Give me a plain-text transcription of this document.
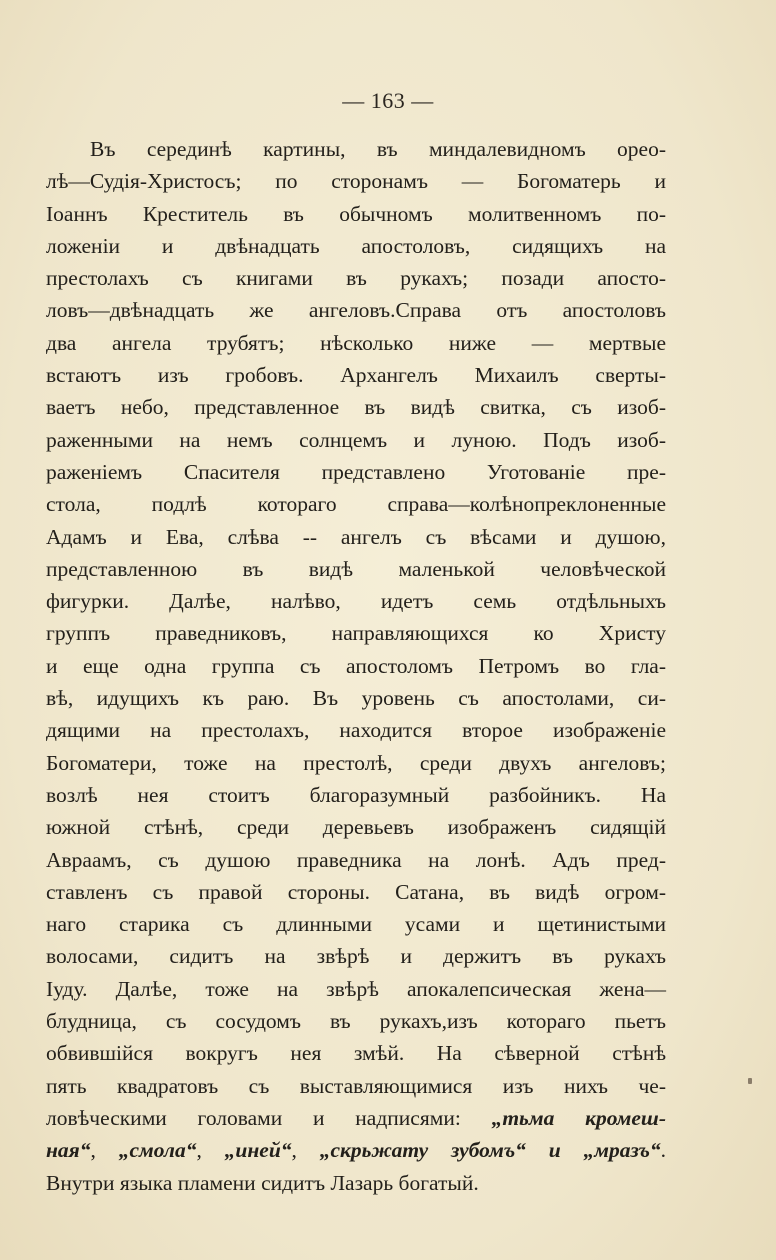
— 163 —
Въ серединѣ картины, въ миндалевидномъ орео-
лѣ—Судія-Христосъ; по сторонамъ — Богоматерь и
Іоаннъ Креститель въ обычномъ молитвенномъ по-
ложеніи и двѣнадцать апостоловъ, сидящихъ на
престолахъ съ книгами въ рукахъ; позади апосто-
ловъ—двѣнадцать же ангеловъ.Справа отъ апостоловъ
два ангела трубятъ; нѣсколько ниже — мертвые
встаютъ изъ гробовъ. Архангелъ Михаилъ сверты-
ваетъ небо, представленное въ видѣ свитка, съ изоб-
раженными на немъ солнцемъ и луною. Подъ изоб-
раженіемъ Спасителя представлено Уготованіе пре-
стола, подлѣ котораго справа—колѣнопреклоненные
Адамъ и Ева, слѣва -- ангелъ съ вѣсами и душою,
представленною въ видѣ маленькой человѣческой
фигурки. Далѣе, налѣво, идетъ семь отдѣльныхъ
группъ праведниковъ, направляющихся ко Христу
и еще одна группа съ апостоломъ Петромъ во гла-
вѣ, идущихъ къ раю. Въ уровень съ апостолами, си-
дящими на престолахъ, находится второе изображеніе
Богоматери, тоже на престолѣ, среди двухъ ангеловъ;
возлѣ нея стоитъ благоразумный разбойникъ. На
южной стѣнѣ, среди деревьевъ изображенъ сидящій
Авраамъ, съ душою праведника на лонѣ. Адъ пред-
ставленъ съ правой стороны. Сатана, въ видѣ огром-
наго старика съ длинными усами и щетинистыми
волосами, сидитъ на звѣрѣ и держитъ въ рукахъ
Іуду. Далѣе, тоже на звѣрѣ апокалепсическая жена—
блудница, съ сосудомъ въ рукахъ,изъ котораго пьетъ
обвившійся вокругъ нея змѣй. На сѣверной стѣнѣ
пять квадратовъ съ выставляющимися изъ нихъ че-
ловѣческими головами и надписями: „тьма кромеш-
ная“, „смола“, „иней“, „скрьжату зубомъ“ и „мразъ“.
Внутри языка пламени сидитъ Лазарь богатый.
